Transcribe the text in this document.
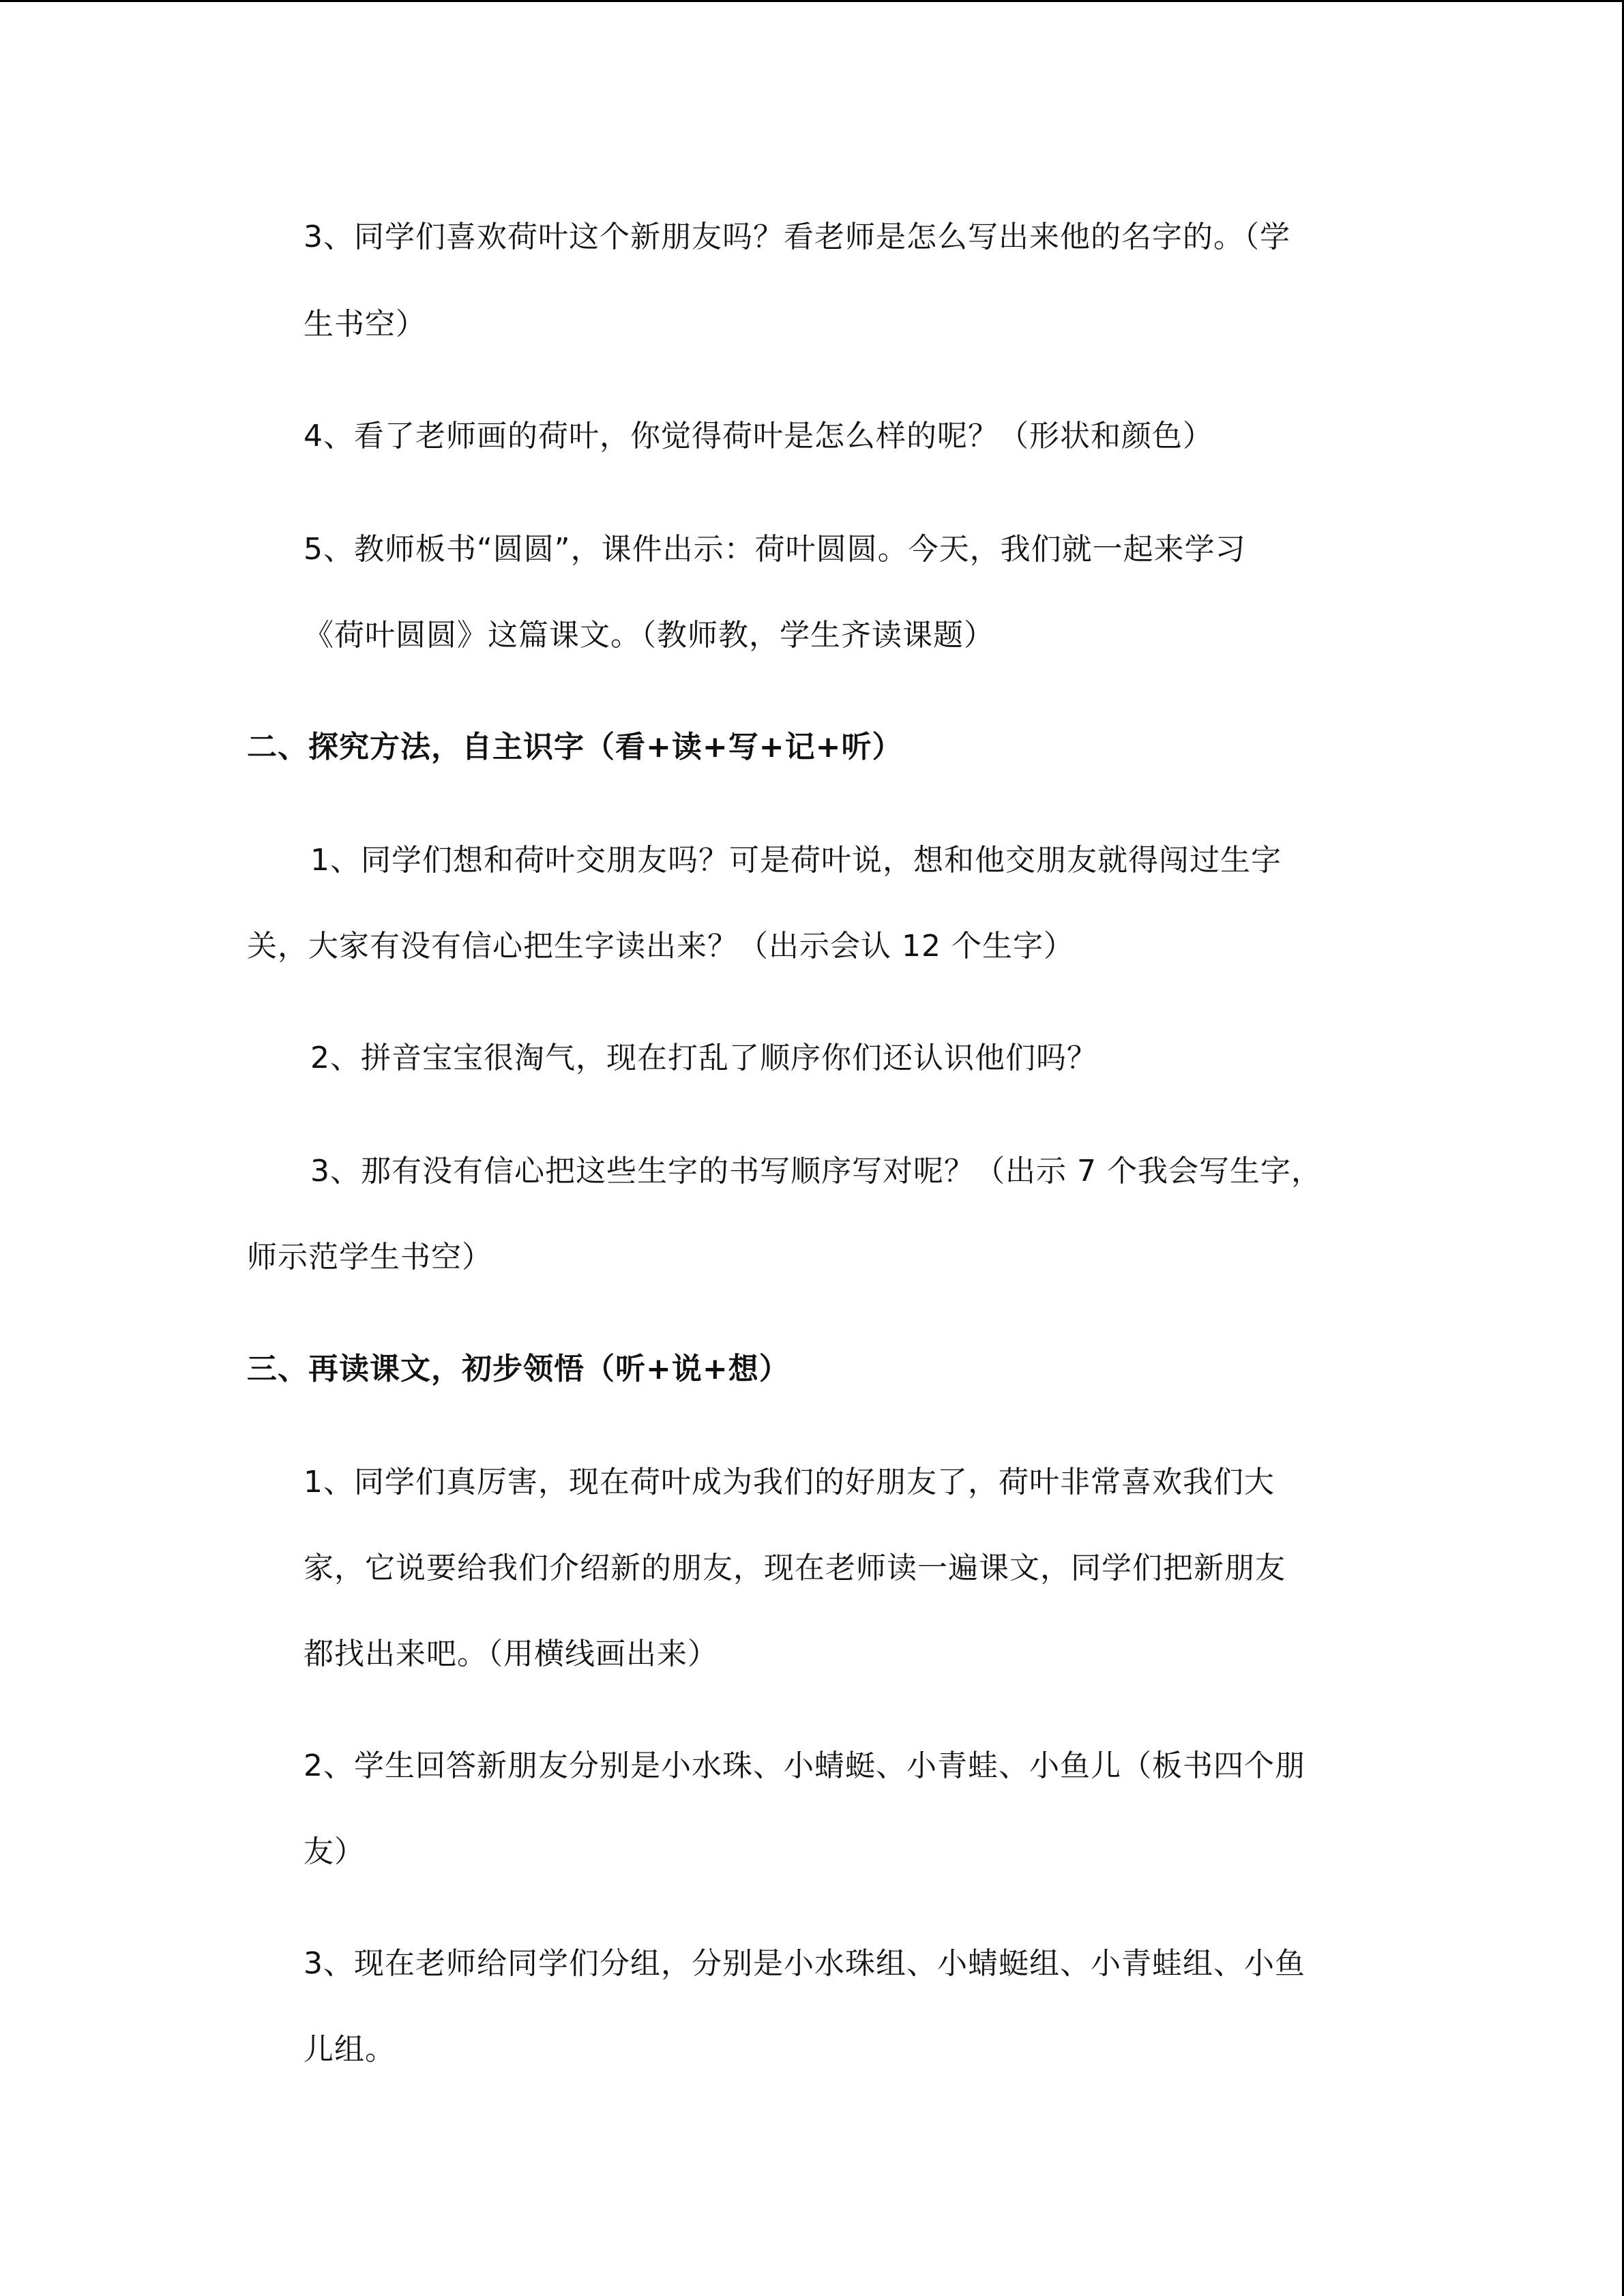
3、同学们喜欢荷叶这个新朋友吗？看老师是怎么写出来他的名字的。（学
生书空）
4、看了老师画的荷叶，你觉得荷叶是怎么样的呢？（形状和颜色）
5、教师板书“圆圆”，课件出示：荷叶圆圆。今天，我们就一起来学习
《荷叶圆圆》这篇课文。（教师教，学生齐读课题）
二、探究方法，自主识字（看+读+写+记+听）
1、同学们想和荷叶交朋友吗？可是荷叶说，想和他交朋友就得闯过生字
关，大家有没有信心把生字读出来？（出示会认 12 个生字）
2、拼音宝宝很淘气，现在打乱了顺序你们还认识他们吗？
3、那有没有信心把这些生字的书写顺序写对呢？（出示 7 个我会写生字，
师示范学生书空）
三、再读课文，初步领悟（听+说+想）
1、同学们真厉害，现在荷叶成为我们的好朋友了，荷叶非常喜欢我们大
家，它说要给我们介绍新的朋友，现在老师读一遍课文，同学们把新朋友
都找出来吧。（用横线画出来）
2、学生回答新朋友分别是小水珠、小蜻蜓、小青蛙、小鱼儿（板书四个朋
友）
3、现在老师给同学们分组，分别是小水珠组、小蜻蜓组、小青蛙组、小鱼
儿组。
